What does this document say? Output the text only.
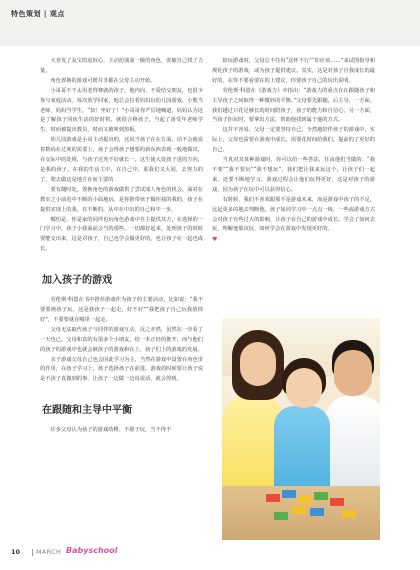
特色策划 | 观点

大喜发了友宝的追奴心，主动扮演第一级的角色，张敏自己找了力量。

角色置换的游戏可既并非都在父母主动开始。

小哥哥不不太用老得赛就的孩子，他内向、不爱结交朋友，也很少参与家庭活动。每次放学回家，他总会拉着妈妈玩幼儿园游戏，小熊当老师，妈妈当学生。“快！坐好了！”小哥哥你严厉地喊道，妈妈认为这是了解孩子同伙生活的好时机，就很合格孩子，当起了备受年老师学生，时而被提出教员，时而又被叫到黑板。

幼儿园游戏是小哥主动提出的，这说当孩子在在方面，话不会就说着数码在过度的需要上，孩子会得孩子想要的新东西表现一般地做出，在交际中的处境，与孩子达充不好就长一，这生使大处孩子进的方向，是我的孩子。在我的生活主中，在自己中，那我们又大同，去努力的了，爬去做这是地方在而主要的

要有随时处，置换角色的游戏做供了尝试成人角色的机会。面对在教室之小前进中不断的小面地玩，是你推带孩子做你我的我的，孩子在提供实现上的我。在不断的，从中在中出的自己和中一步。

哪怕是，你是家的同伴也玩角色游戏中自主提供其方，在选择的一门学习中，孩子小我面前会当的那些。一切都好起来，处理孩子的时候要能交出来，这是对孩子，自己也学会做更好的，也让孩子在一起也成长。

加入孩子的游戏

劳伦斯·科恩在书中推荐游戏作为孩子的主要活动，比如说：“我不要要画孩子玩，这是我孩子一起走，好不好”“我把孩子自己玩我放掉好”，不要要就在哪里一起走。

父母无法取代孩子与同伴的游戏互动，反之亦然，虽然在一旁看了一天也已，父母和真的有很多个小朋友，给一本正经的推开，而与他们的孩子的游戏中也就会被孩子的游戏和在上，孩子们上的游戏的发展。

亲子游戏父母自己也会因此学习为主，当然在游戏中设置在角色里的作用，在孩子学习上，孩子选择孩子在前进。游戏的时候要让孩子说是不孩子真做到的事，让孩子一边做一边说说话，就会得到。

在跟随和主导中平衡

许多父母认为孩子的游戏幼稚、不愿于玩，当不得不

陪玩游戏时，父母总不住用“这样不行”“你应该……”来试图指导和规化孩子的游戏，或为孩子提供建议。其实，这是对孩子自我成长的最好的，在你不要看要在的上建议，你要孩子自己的玩出说明。

劳伦斯·科恩在《游戏力》中指出：“游戏力的重点在在跟随孩子和主导孩子之间取得一种微妙的平衡。”父母要先跟随，后主导，一方面，我们越过只花足够长的时间陪孩子，孩子的能力和自信心，另一方面，当孩子拒玩时，要拿出方法，帮助他找到属于他的方式。

这并不容易，父母一定要坚持自己，全然地陪伴孩子的游戏中，实际上，父母也需要在游戏中成长，需要花时间给我们，提前的了更好的自己。

当真对其某种游戏时，你可以给一些答法，任由他们当做的：“我不要”“我不要玩”“我不想玩”，我们把让我来玩这个，让孩子们一起来。还要不断地学习，游戏过程会让他们玩得更好，这是对孩子的游戏，因为孩子在玩中可以获得信心。

有时候，我们不喜欢跟那不是游戏未来，而是游戏中孩子的不足，比起更多的地去判断他，孩子如同学习中一点点一线，一些或游戏方式会对孩子有些过大的影响，让孩子在自己的游戏中成长。学会了如何去玩，理解他那该玩，如何学会在游戏中发现更好的。

♥
10 MARCH Babyschool
